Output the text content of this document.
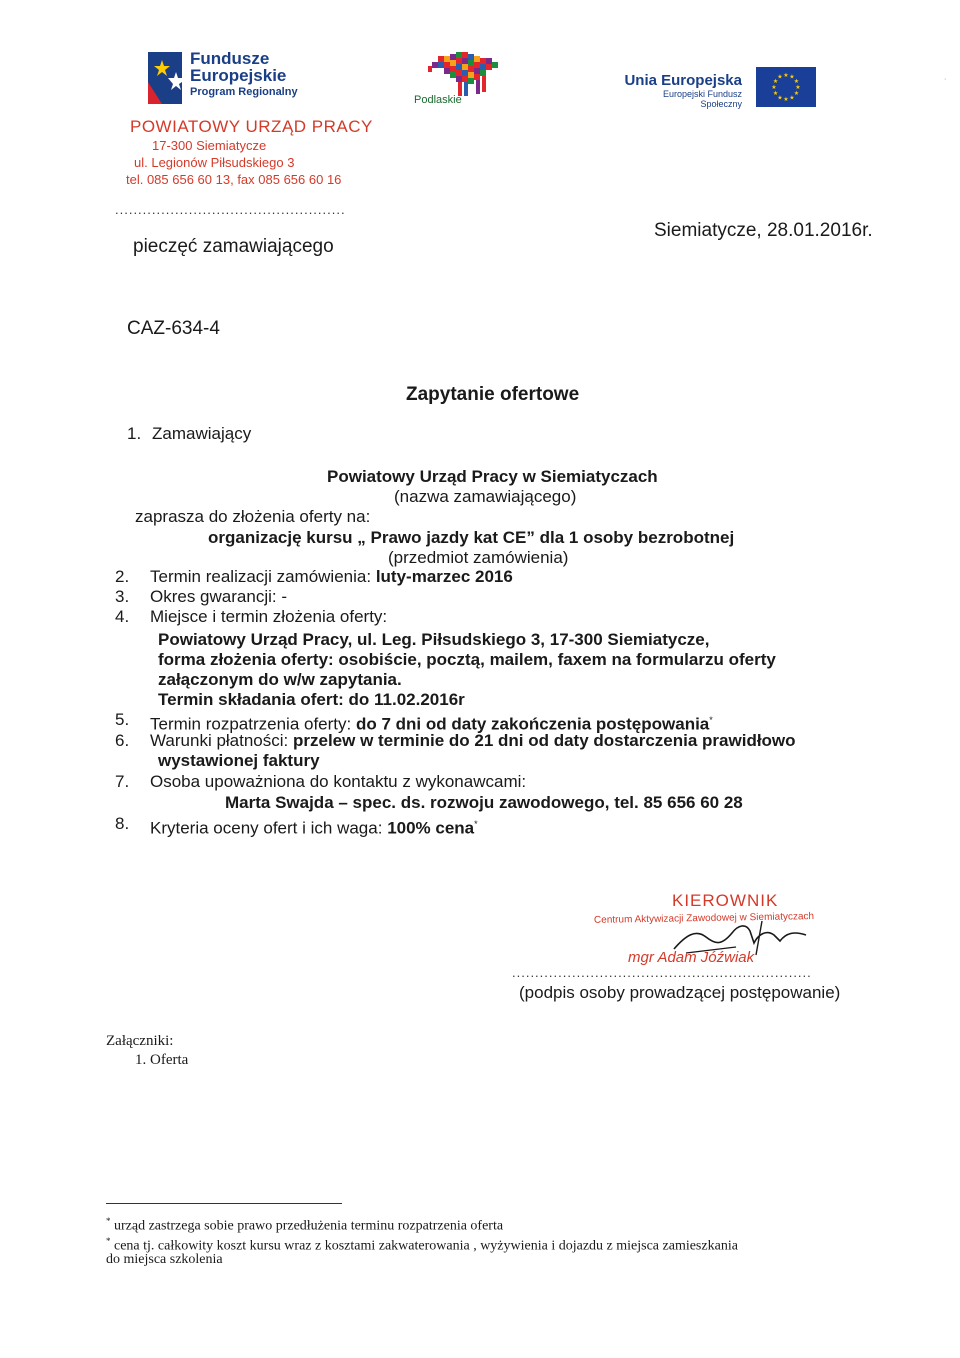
Fundusze
Europejskie
Program Regionalny
Podlaskie
Unia Europejska
Europejski Fundusz Społeczny
★ ★
★
★
★
★
★
★
★
★
★
★
˙
POWIATOWY URZĄD PRACY
17-300 Siemiatycze
ul. Legionów Piłsudskiego 3
tel. 085 656 60 13, fax 085 656 60 16
..................................................
pieczęć zamawiającego
Siemiatycze, 28.01.2016r.
CAZ-634-4
Zapytanie ofertowe
1. Zamawiający
Powiatowy Urząd Pracy w Siemiatyczach
(nazwa zamawiającego)
zaprasza do złożenia oferty na:
organizację kursu „ Prawo jazdy kat CE” dla 1 osoby bezrobotnej
(przedmiot zamówienia)
2. Termin realizacji zamówienia: luty-marzec 2016
3. Okres gwarancji: -
4. Miejsce i termin złożenia oferty:
Powiatowy Urząd Pracy, ul. Leg. Piłsudskiego 3, 17-300 Siemiatycze,
forma złożenia oferty: osobiście, pocztą, mailem, faxem na formularzu oferty
załączonym do w/w zapytania.
Termin składania ofert: do 11.02.2016r
5. Termin rozpatrzenia oferty: do 7 dni od daty zakończenia postępowania*
6. Warunki płatności: przelew w terminie do 21 dni od daty dostarczenia prawidłowo
wystawionej faktury
7. Osoba upoważniona do kontaktu z wykonawcami:
Marta Swajda – spec. ds. rozwoju zawodowego, tel. 85 656 60 28
8. Kryteria oceny ofert i ich waga: 100% cena*
KIEROWNIK
Centrum Aktywizacji Zawodowej w Siemiatyczach
mgr Adam Jóźwiak
.................................................................
(podpis osoby prowadzącej postępowanie)
Załączniki:
1. Oferta
* urząd zastrzega sobie prawo przedłużenia terminu rozpatrzenia oferta
* cena tj. całkowity koszt kursu wraz z kosztami zakwaterowania , wyżywienia i dojazdu z miejsca zamieszkania
do miejsca szkolenia
